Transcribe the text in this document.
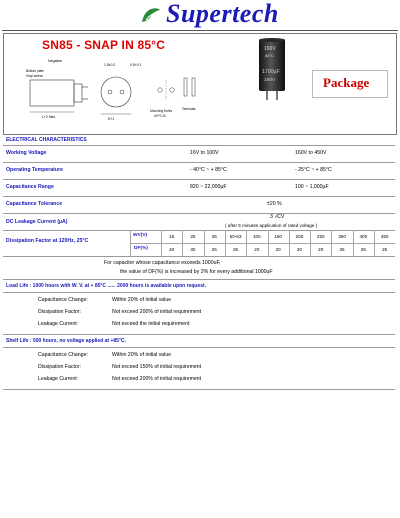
Supertech
SN85 - SNAP IN 85°C
Negative
Bottom plate
Vinyl sleeve
1.5±0.2	0.8+0.1
D+1
L+2 Max.
Mounting Holes
of P.C.B.
Terminals
160V
85°C
1700µF
180V	Package
ELECTRICAL CHARACTERISTICS
Working Voltage	16V to 100V	160V to 450V
Operating Temperature	- 40°C ~ + 85°C	- 25°C ~ + 85°C
Capacitance Range	820 ~ 22,000µF	100 ~ 1,000µF
Capacitance Tolerance	±20 %
DC Leakage Current (µA)
3 √CV
( after 5 minutes application of rated voltage )
Dissipation Factor at 120Hz, 25°C
WV(V)
DF(%)
16	25	35	50-63	100	160	200	250	350	400	450
40	30	25	25	20	20	20	20	25	25	25
For capacitor whose capacitance exceeds 1000uF,
the value of DF(%) is increased by 2% for every additional 1000uF
Load Life : 1000 hours with W. V. at + 85°C ...... 2000 hours is available upon request.
Capacitance Change:	Within 20% of initial value
Dissipation Factor:	Not exceed 200% of initial requirement
Leakage Current:	Not exceed the initial requirement
Shelf Life : 500 hours, no voltage applied at +85°C.
Capacitance Change:	Within 20% of initial value
Dissipation Factor:	Not exceed 150% of initial requirement
Leakage Current:	Not exceed 200% of initial requirement
